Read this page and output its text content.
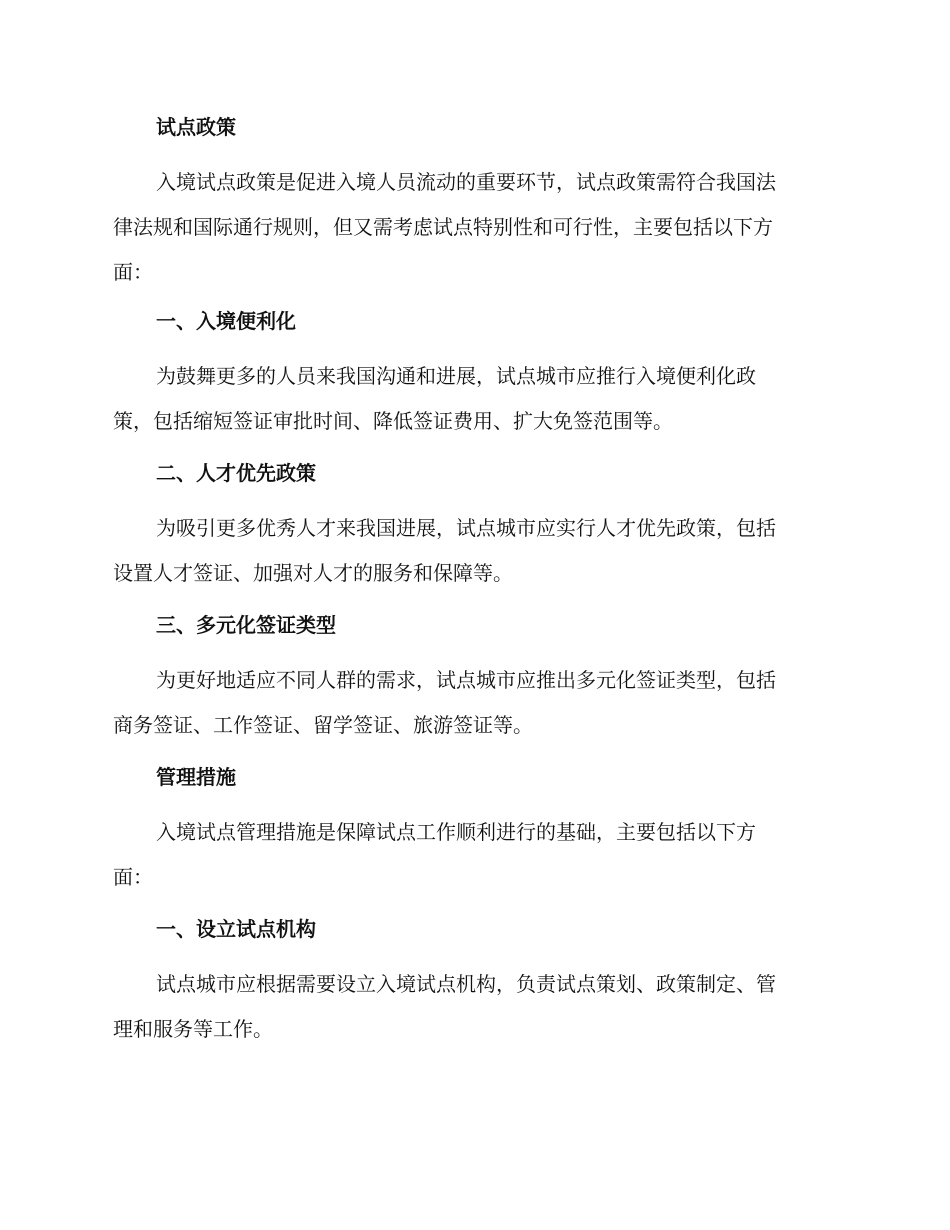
试点政策
入境试点政策是促进入境人员流动的重要环节，试点政策需符合我国法
律法规和国际通行规则，但又需考虑试点特别性和可行性，主要包括以下方
面：
一、入境便利化
为鼓舞更多的人员来我国沟通和进展，试点城市应推行入境便利化政
策，包括缩短签证审批时间、降低签证费用、扩大免签范围等。
二、人才优先政策
为吸引更多优秀人才来我国进展，试点城市应实行人才优先政策，包括
设置人才签证、加强对人才的服务和保障等。
三、多元化签证类型
为更好地适应不同人群的需求，试点城市应推出多元化签证类型，包括
商务签证、工作签证、留学签证、旅游签证等。
管理措施
入境试点管理措施是保障试点工作顺利进行的基础，主要包括以下方
面：
一、设立试点机构
试点城市应根据需要设立入境试点机构，负责试点策划、政策制定、管
理和服务等工作。
